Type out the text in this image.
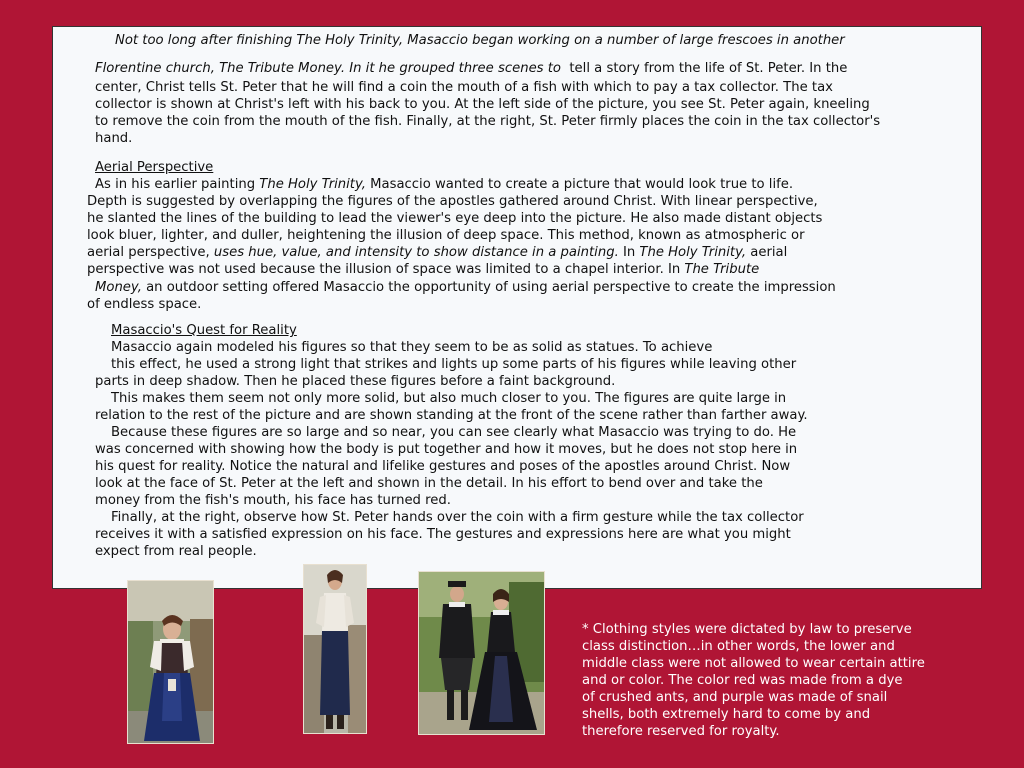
Not too long after finishing The Holy Trinity, Masaccio began working on a number of large frescoes in another
Florentine church, The Tribute Money. In it he grouped three scenes to tell a story from the life of St. Peter. In the
center, Christ tells St. Peter that he will find a coin the mouth of a fish with which to pay a tax collector. The tax
collector is shown at Christ's left with his back to you. At the left side of the picture, you see St. Peter again, kneeling
to remove the coin from the mouth of the fish. Finally, at the right, St. Peter firmly places the coin in the tax collector's
hand.
Aerial Perspective
As in his earlier painting The Holy Trinity, Masaccio wanted to create a picture that would look true to life.
Depth is suggested by overlapping the figures of the apostles gathered around Christ. With linear perspective,
he slanted the lines of the building to lead the viewer's eye deep into the picture. He also made distant objects
look bluer, lighter, and duller, heightening the illusion of deep space. This method, known as atmospheric or
aerial perspective, uses hue, value, and intensity to show distance in a painting. In The Holy Trinity, aerial
perspective was not used because the illusion of space was limited to a chapel interior. In The Tribute
Money, an outdoor setting offered Masaccio the opportunity of using aerial perspective to create the impression
of endless space.
Masaccio's Quest for Reality
Masaccio again modeled his figures so that they seem to be as solid as statues. To achieve
this effect, he used a strong light that strikes and lights up some parts of his figures while leaving other
parts in deep shadow. Then he placed these figures before a faint background.
This makes them seem not only more solid, but also much closer to you. The figures are quite large in
relation to the rest of the picture and are shown standing at the front of the scene rather than farther away.
Because these figures are so large and so near, you can see clearly what Masaccio was trying to do. He
was concerned with showing how the body is put together and how it moves, but he does not stop here in
his quest for reality. Notice the natural and lifelike gestures and poses of the apostles around Christ. Now
look at the face of St. Peter at the left and shown in the detail. In his effort to bend over and take the
money from the fish's mouth, his face has turned red.
Finally, at the right, observe how St. Peter hands over the coin with a firm gesture while the tax collector
receives it with a satisfied expression on his face. The gestures and expressions here are what you might
expect from real people.
* Clothing styles were dictated by law to preserve
class distinction…in other words, the lower and
middle class were not allowed to wear certain attire
and or color. The color red was made from a dye
of crushed ants, and purple was made of snail
shells, both extremely hard to come by and
therefore reserved for royalty.
